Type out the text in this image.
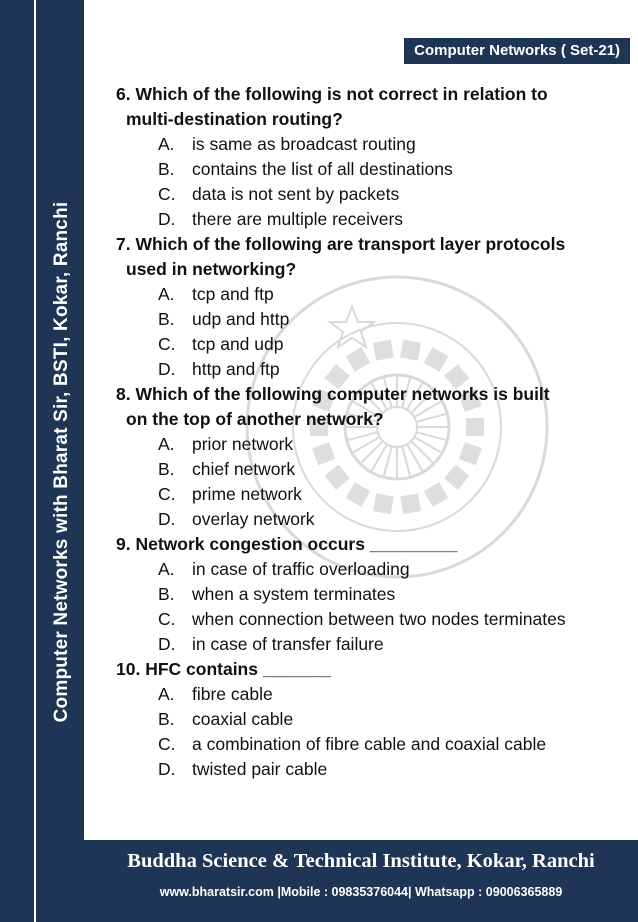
Computer Networks with Bharat Sir, BSTI, Kokar, Ranchi
Computer Networks ( Set-21)
6. Which of the following is not correct in relation to
multi-destination routing?
A. is same as broadcast routing
B. contains the list of all destinations
C. data is not sent by packets
D. there are multiple receivers
7. Which of the following are transport layer protocols
used in networking?
A. tcp and ftp
B. udp and http
C. tcp and udp
D. http and ftp
8. Which of the following computer networks is built
on the top of another network?
A. prior network
B. chief network
C. prime network
D. overlay network
9. Network congestion occurs _________
A. in case of traffic overloading
B. when a system terminates
C. when connection between two nodes terminates
D. in case of transfer failure
10. HFC contains _______
A. fibre cable
B. coaxial cable
C. a combination of fibre cable and coaxial cable
D. twisted pair cable
Buddha Science & Technical Institute, Kokar, Ranchi
www.bharatsir.com |Mobile : 09835376044| Whatsapp : 09006365889
